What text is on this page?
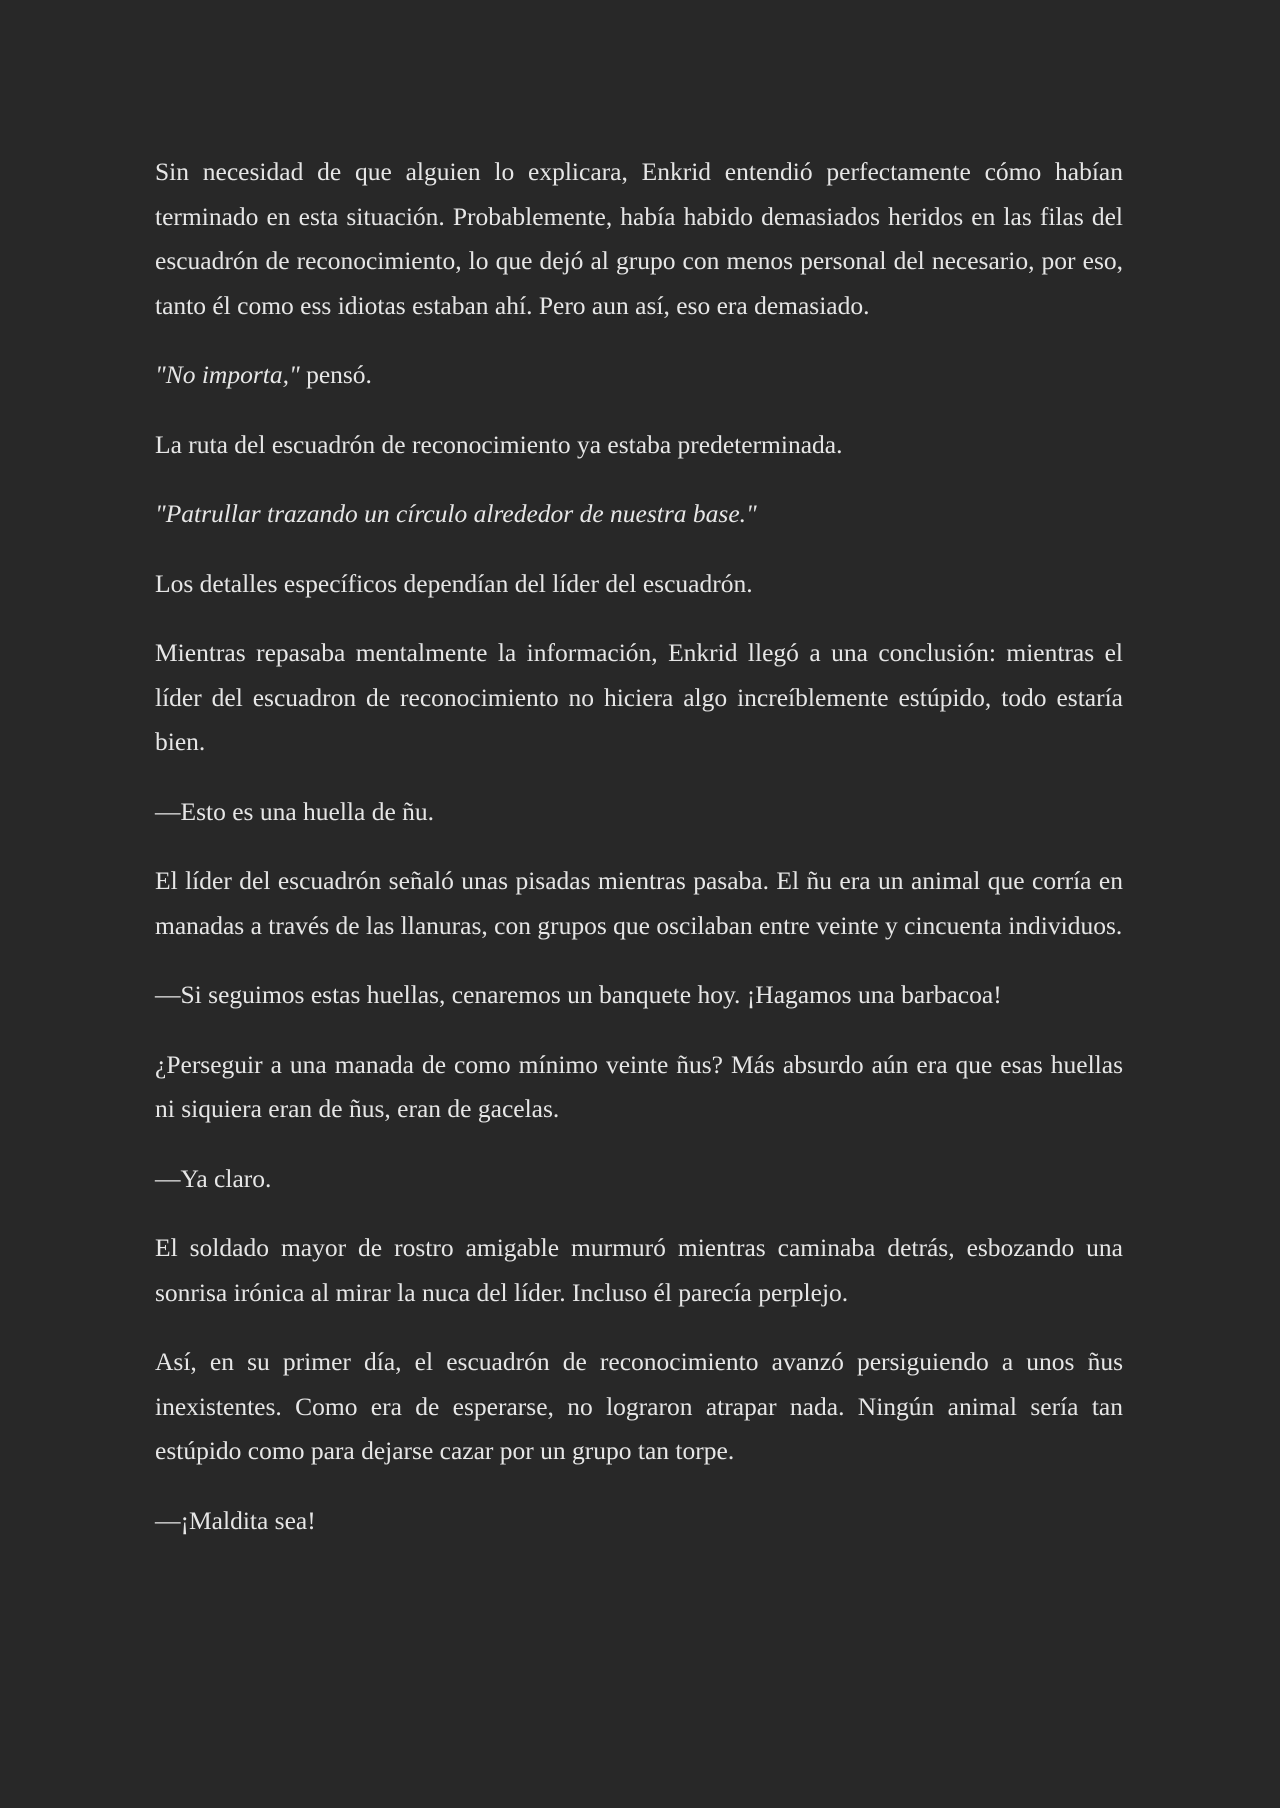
Sin necesidad de que alguien lo explicara, Enkrid entendió perfectamente cómo habían terminado en esta situación. Probablemente, había habido demasiados heridos en las filas del escuadrón de reconocimiento, lo que dejó al grupo con menos personal del necesario, por eso, tanto él como ess idiotas estaban ahí. Pero aun así, eso era demasiado.

"No importa," pensó.

La ruta del escuadrón de reconocimiento ya estaba predeterminada.

"Patrullar trazando un círculo alrededor de nuestra base."

Los detalles específicos dependían del líder del escuadrón.

Mientras repasaba mentalmente la información, Enkrid llegó a una conclusión: mientras el líder del escuadron de reconocimiento no hiciera algo increíblemente estúpido, todo estaría bien.

—Esto es una huella de ñu.

El líder del escuadrón señaló unas pisadas mientras pasaba. El ñu era un animal que corría en manadas a través de las llanuras, con grupos que oscilaban entre veinte y cincuenta individuos.

—Si seguimos estas huellas, cenaremos un banquete hoy. ¡Hagamos una barbacoa!

¿Perseguir a una manada de como mínimo veinte ñus? Más absurdo aún era que esas huellas ni siquiera eran de ñus, eran de gacelas.

—Ya claro.

El soldado mayor de rostro amigable murmuró mientras caminaba detrás, esbozando una sonrisa irónica al mirar la nuca del líder. Incluso él parecía perplejo.

Así, en su primer día, el escuadrón de reconocimiento avanzó persiguiendo a unos ñus inexistentes. Como era de esperarse, no lograron atrapar nada. Ningún animal sería tan estúpido como para dejarse cazar por un grupo tan torpe.

—¡Maldita sea!
